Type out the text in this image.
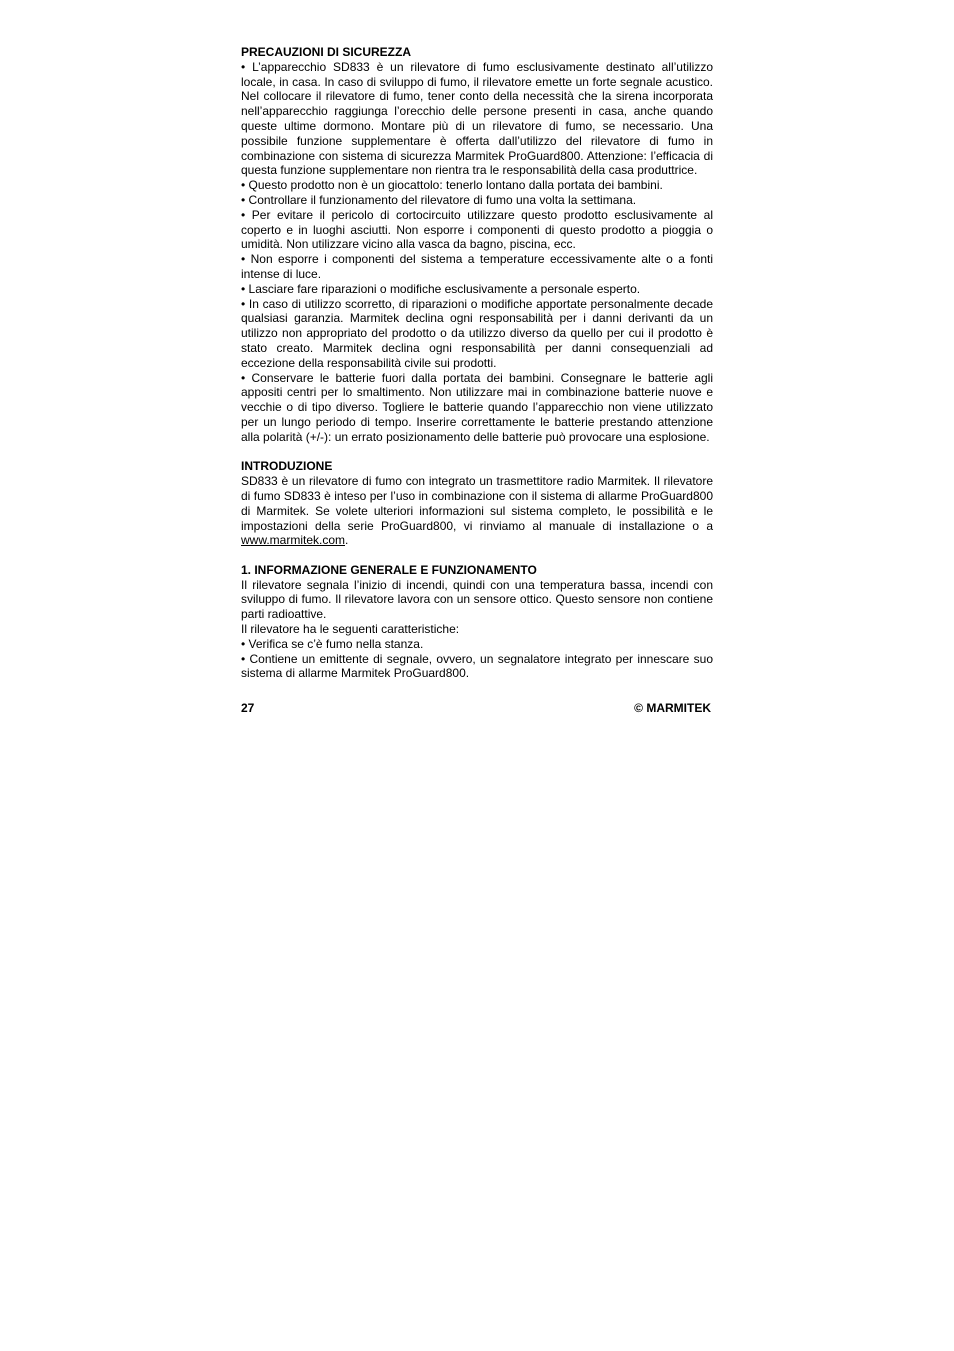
PRECAUZIONI DI SICUREZZA

• L’apparecchio SD833 è un rilevatore di fumo esclusivamente destinato all’utilizzo locale, in casa. In caso di sviluppo di fumo, il rilevatore emette un forte segnale acustico. Nel collocare il rilevatore di fumo, tener conto della necessità che la sirena incorporata nell’apparecchio raggiunga l’orecchio delle persone presenti in casa, anche quando queste ultime dormono. Montare più di un rilevatore di fumo, se necessario. Una possibile funzione supplementare è offerta dall’utilizzo del rilevatore di fumo in combinazione con sistema di sicurezza Marmitek ProGuard800. Attenzione: l’efficacia di questa funzione supplementare non rientra tra le responsabilità della casa produttrice.

• Questo prodotto non è un giocattolo: tenerlo lontano dalla portata dei bambini.

• Controllare il funzionamento del rilevatore di fumo una volta la settimana.

• Per evitare il pericolo di cortocircuito utilizzare questo prodotto esclusivamente al coperto e in luoghi asciutti. Non esporre i componenti di questo prodotto a pioggia o umidità. Non utilizzare vicino alla vasca da bagno, piscina, ecc.

• Non esporre i componenti del sistema a temperature eccessivamente alte o a fonti intense di luce.

• Lasciare fare riparazioni o modifiche esclusivamente a personale esperto.

• In caso di utilizzo scorretto, di riparazioni o modifiche apportate personalmente decade qualsiasi garanzia. Marmitek declina ogni responsabilità per i danni derivanti da un utilizzo non appropriato del prodotto o da utilizzo diverso da quello per cui il prodotto è stato creato. Marmitek declina ogni responsabilità per danni consequenziali ad eccezione della responsabilità civile sui prodotti.

• Conservare le batterie fuori dalla portata dei bambini. Consegnare le batterie agli appositi centri per lo smaltimento. Non utilizzare mai in combinazione batterie nuove e vecchie o di tipo diverso. Togliere le batterie quando l’apparecchio non viene utilizzato per un lungo periodo di tempo. Inserire correttamente le batterie prestando attenzione alla polarità (+/-): un errato posizionamento delle batterie può provocare una esplosione.

INTRODUZIONE

SD833 è un rilevatore di fumo con integrato un trasmettitore radio Marmitek. Il rilevatore di fumo SD833 è inteso per l’uso in combinazione con il sistema di allarme ProGuard800 di Marmitek. Se volete ulteriori informazioni sul sistema completo, le possibilità e le impostazioni della serie ProGuard800, vi rinviamo al manuale di installazione o a www.marmitek.com.

1. INFORMAZIONE GENERALE E FUNZIONAMENTO

Il rilevatore segnala l’inizio di incendi, quindi con una temperatura bassa, incendi con sviluppo di fumo. Il rilevatore lavora con un sensore ottico. Questo sensore non contiene parti radioattive.

Il rilevatore ha le seguenti caratteristiche:

• Verifica se c’è fumo nella stanza.

• Contiene un emittente di segnale, ovvero, un segnalatore integrato per innescare suo sistema di allarme Marmitek ProGuard800.

27	© MARMITEK
